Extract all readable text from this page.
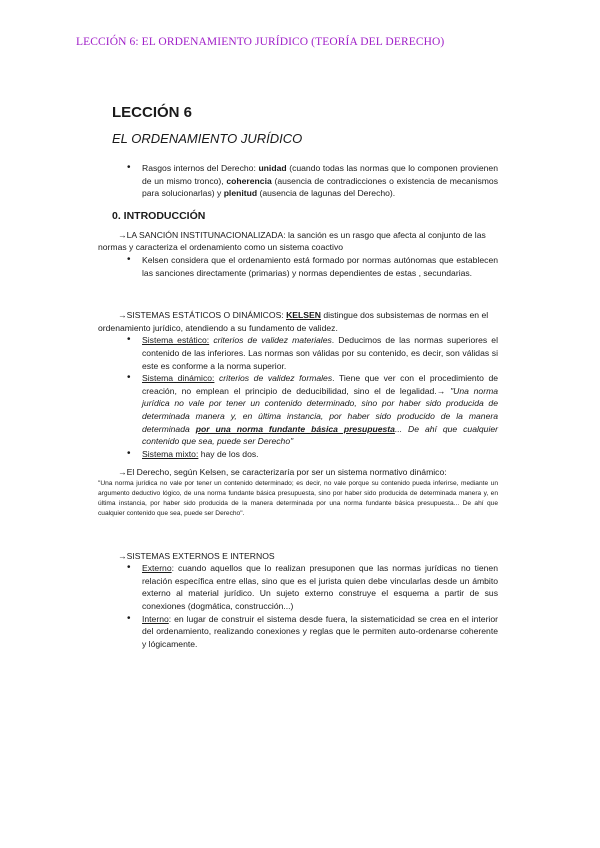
LECCIÓN 6: EL ORDENAMIENTO JURÍDICO (TEORÍA DEL DERECHO)
LECCIÓN 6
EL ORDENAMIENTO JURÍDICO
• Rasgos internos del Derecho: unidad (cuando todas las normas que lo componen provienen de un mismo tronco), coherencia (ausencia de contradicciones o existencia de mecanismos para solucionarlas) y plenitud (ausencia de lagunas del Derecho).
0. INTRODUCCIÓN
→LA SANCIÓN INSTITUNACIONALIZADA: la sanción es un rasgo que afecta al conjunto de las normas y caracteriza el ordenamiento como un sistema coactivo
• Kelsen considera que el ordenamiento está formado por normas autónomas que establecen las sanciones directamente (primarias) y normas dependientes de estas , secundarias.
→SISTEMAS ESTÁTICOS O DINÁMICOS: KELSEN distingue dos subsistemas de normas en el ordenamiento jurídico, atendiendo a su fundamento de validez.
• Sistema estático: criterios de validez materiales. Deducimos de las normas superiores el contenido de las inferiores. Las normas son válidas por su contenido, es decir, son válidas si este es conforme a la norma superior.
• Sistema dinámico: criterios de validez formales. Tiene que ver con el procedimiento de creación, no emplean el principio de deducibilidad, sino el de legalidad.→ "Una norma jurídica no vale por tener un contenido determinado, sino por haber sido producida de determinada manera y, en última instancia, por haber sido producido de la manera determinada por una norma fundante básica presupuesta... De ahí que cualquier contenido que sea, puede ser Derecho"
• Sistema mixto: hay de los dos.
→El Derecho, según Kelsen, se caracterizaría por ser un sistema normativo dinámico:
"Una norma jurídica no vale por tener un contenido determinado; es decir, no vale porque su contenido pueda inferirse, mediante un argumento deductivo lógico, de una norma fundante básica presupuesta, sino por haber sido producida de determinada manera y, en última instancia, por haber sido producida de la manera determinada por una norma fundante básica presupuesta... De ahí que cualquier contenido que sea, puede ser Derecho".
→SISTEMAS EXTERNOS E INTERNOS
• Externo: cuando aquellos que lo realizan presuponen que las normas jurídicas no tienen relación específica entre ellas, sino que es el jurista quien debe vincularlas desde un ámbito externo al material jurídico. Un sujeto externo construye el esquema a partir de sus conexiones (dogmática, construcción...)
• Interno: en lugar de construir el sistema desde fuera, la sistematicidad se crea en el interior del ordenamiento, realizando conexiones y reglas que le permiten auto-ordenarse coherente y lógicamente.
